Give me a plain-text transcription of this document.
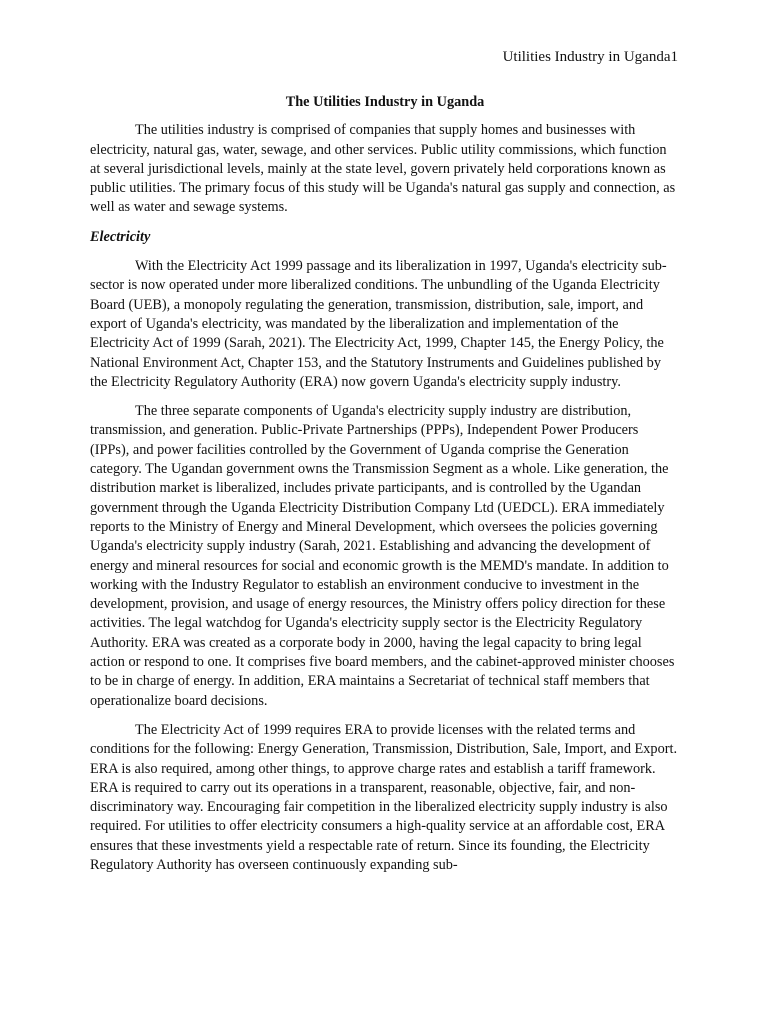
Utilities Industry in Uganda1
The Utilities Industry in Uganda

The utilities industry is comprised of companies that supply homes and businesses with electricity, natural gas, water, sewage, and other services. Public utility commissions, which function at several jurisdictional levels, mainly at the state level, govern privately held corporations known as public utilities. The primary focus of this study will be Uganda's natural gas supply and connection, as well as water and sewage systems.

Electricity

With the Electricity Act 1999 passage and its liberalization in 1997, Uganda's electricity sub-sector is now operated under more liberalized conditions. The unbundling of the Uganda Electricity Board (UEB), a monopoly regulating the generation, transmission, distribution, sale, import, and export of Uganda's electricity, was mandated by the liberalization and implementation of the Electricity Act of 1999 (Sarah, 2021). The Electricity Act, 1999, Chapter 145, the Energy Policy, the National Environment Act, Chapter 153, and the Statutory Instruments and Guidelines published by the Electricity Regulatory Authority (ERA) now govern Uganda's electricity supply industry.

The three separate components of Uganda's electricity supply industry are distribution, transmission, and generation. Public-Private Partnerships (PPPs), Independent Power Producers (IPPs), and power facilities controlled by the Government of Uganda comprise the Generation category. The Ugandan government owns the Transmission Segment as a whole. Like generation, the distribution market is liberalized, includes private participants, and is controlled by the Ugandan government through the Uganda Electricity Distribution Company Ltd (UEDCL). ERA immediately reports to the Ministry of Energy and Mineral Development, which oversees the policies governing Uganda's electricity supply industry (Sarah, 2021. Establishing and advancing the development of energy and mineral resources for social and economic growth is the MEMD's mandate. In addition to working with the Industry Regulator to establish an environment conducive to investment in the development, provision, and usage of energy resources, the Ministry offers policy direction for these activities. The legal watchdog for Uganda's electricity supply sector is the Electricity Regulatory Authority. ERA was created as a corporate body in 2000, having the legal capacity to bring legal action or respond to one. It comprises five board members, and the cabinet-approved minister chooses to be in charge of energy. In addition, ERA maintains a Secretariat of technical staff members that operationalize board decisions.

The Electricity Act of 1999 requires ERA to provide licenses with the related terms and conditions for the following: Energy Generation, Transmission, Distribution, Sale, Import, and Export. ERA is also required, among other things, to approve charge rates and establish a tariff framework. ERA is required to carry out its operations in a transparent, reasonable, objective, fair, and non-discriminatory way. Encouraging fair competition in the liberalized electricity supply industry is also required. For utilities to offer electricity consumers a high-quality service at an affordable cost, ERA ensures that these investments yield a respectable rate of return. Since its founding, the Electricity Regulatory Authority has overseen continuously expanding sub-
